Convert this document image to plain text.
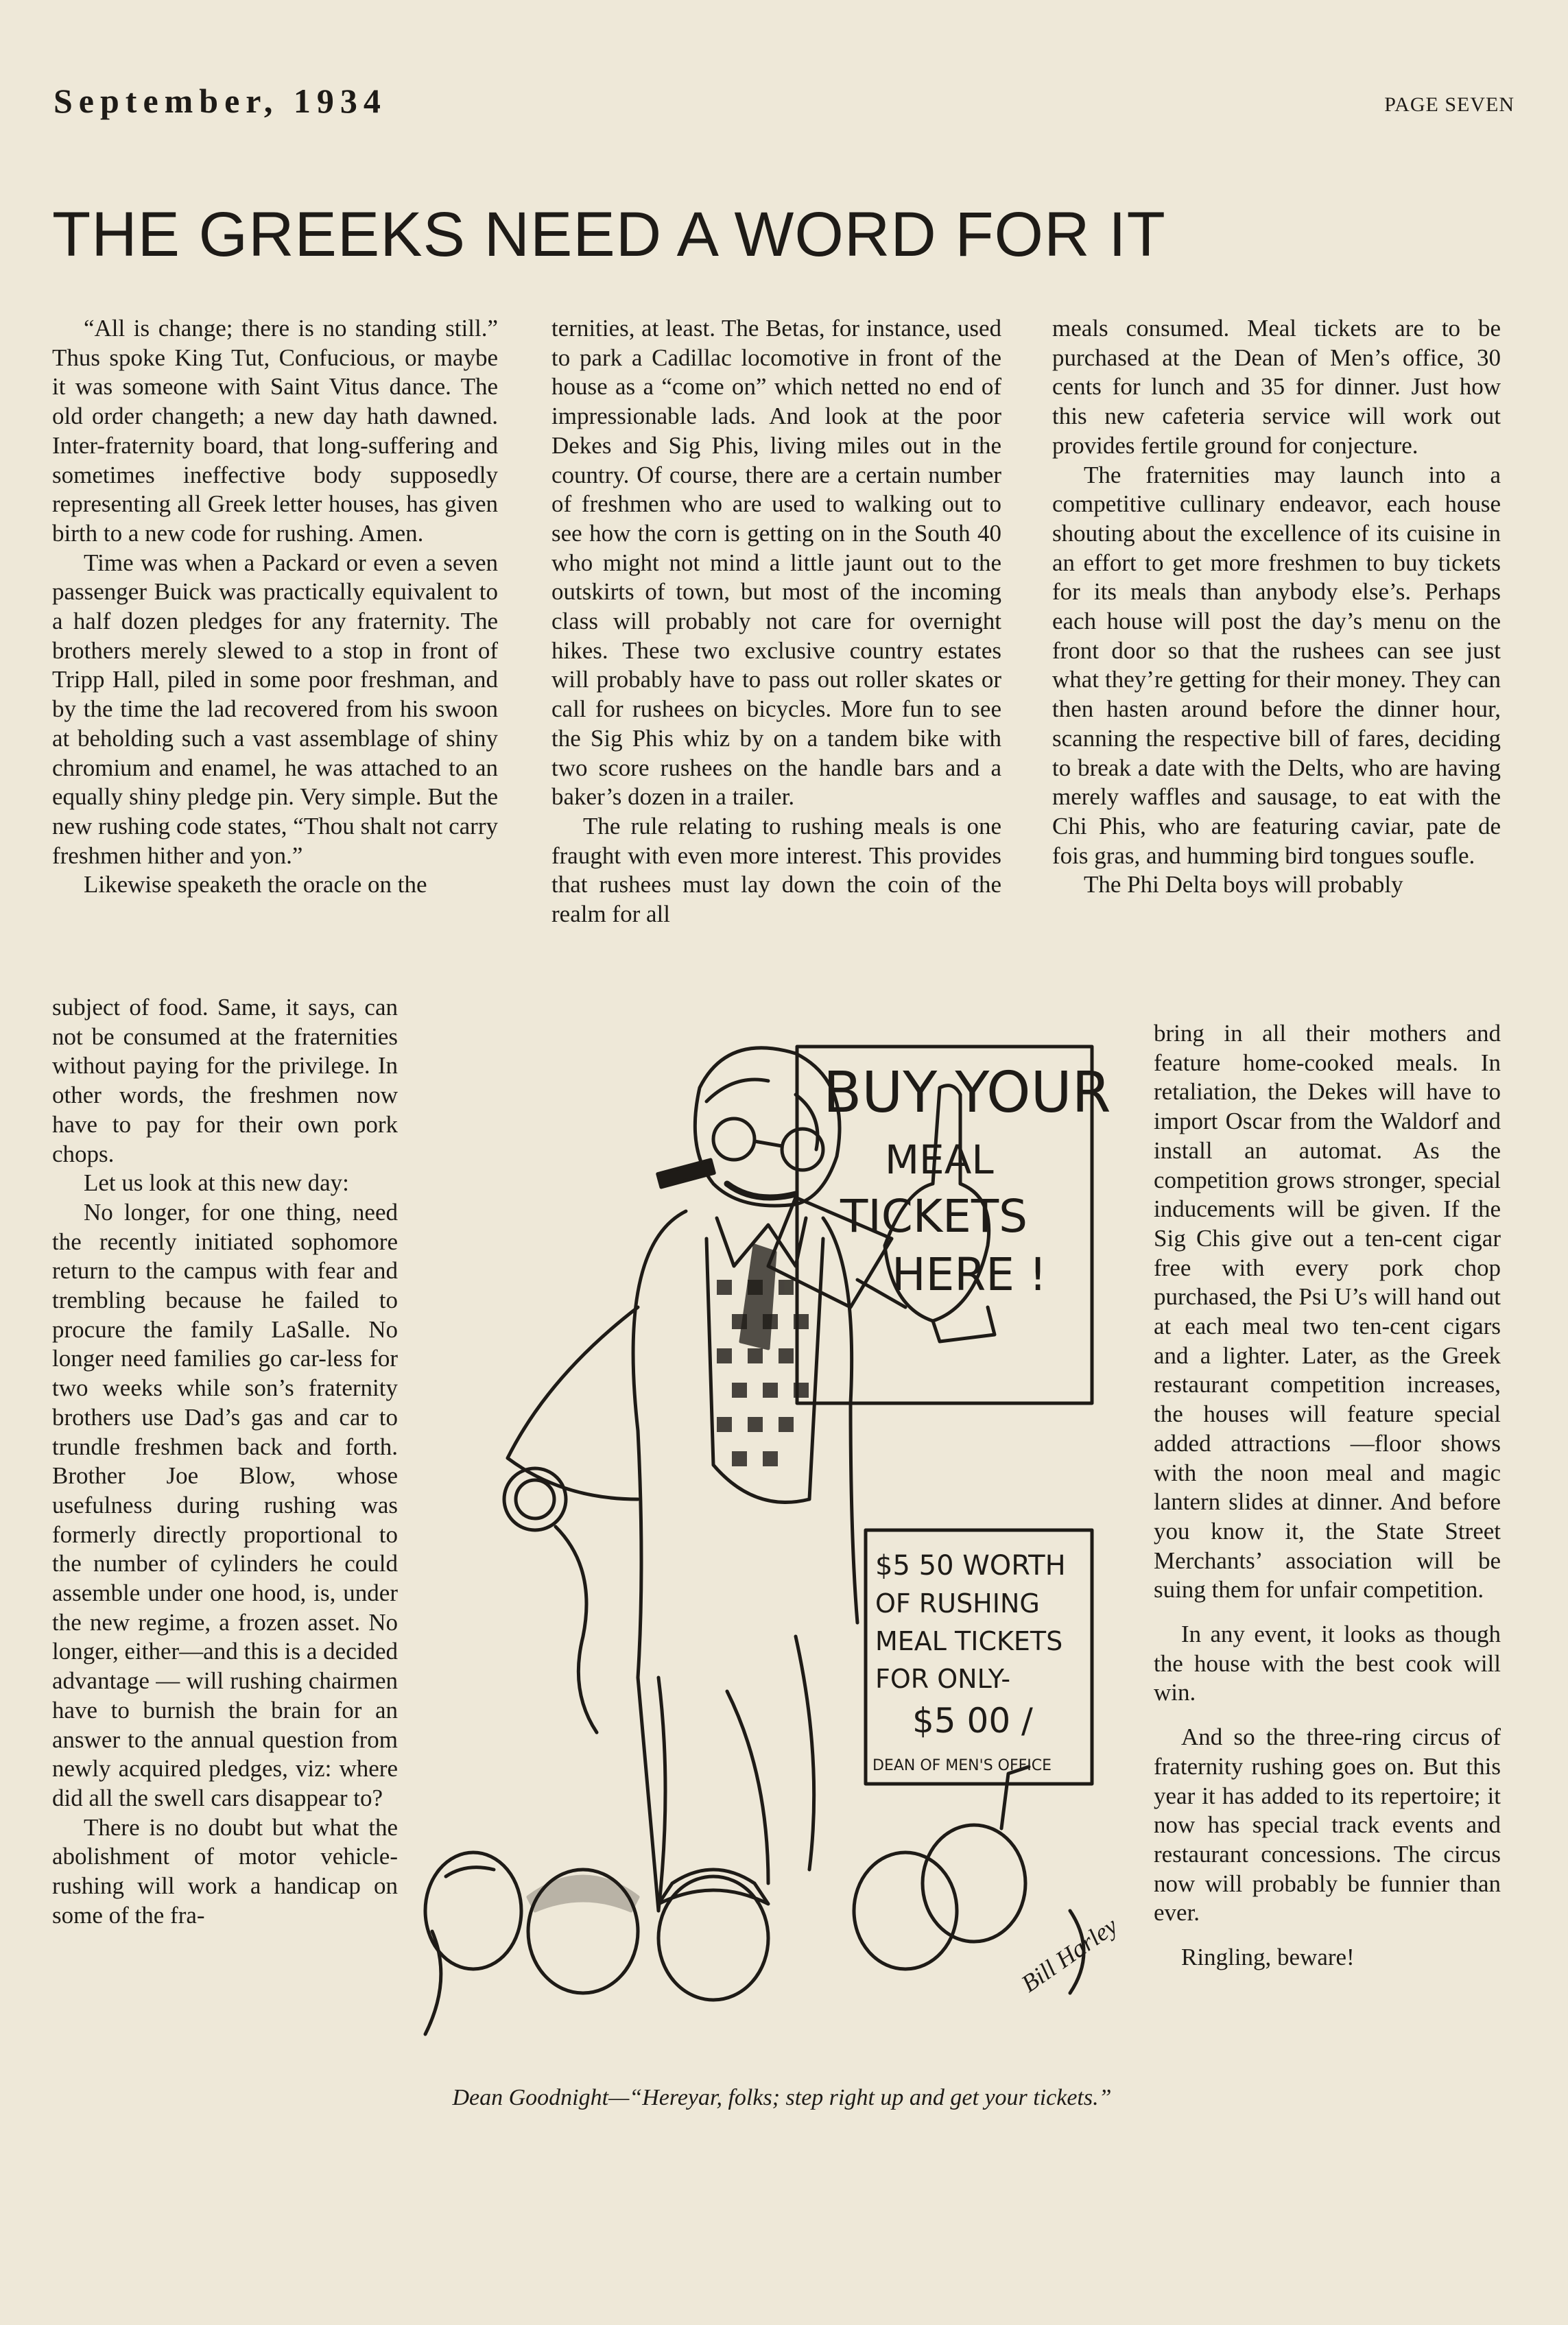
September, 1934	PAGE SEVEN
THE GREEKS NEED A WORD FOR IT

“All is change; there is no standing still.” Thus spoke King Tut, Confucious, or maybe it was someone with Saint Vitus dance. The old order changeth; a new day hath dawned. Inter-fraternity board, that long-suffering and sometimes ineffective body supposedly representing all Greek letter houses, has given birth to a new code for rushing. Amen.

Time was when a Packard or even a seven passenger Buick was practically equivalent to a half dozen pledges for any fraternity. The brothers merely slewed to a stop in front of Tripp Hall, piled in some poor freshman, and by the time the lad recovered from his swoon at beholding such a vast assemblage of shiny chromium and enamel, he was attached to an equally shiny pledge pin. Very simple. But the new rushing code states, “Thou shalt not carry freshmen hither and yon.”

Likewise speaketh the oracle on the

subject of food. Same, it says, can not be consumed at the fraternities without paying for the privilege. In other words, the freshmen now have to pay for their own pork chops.

Let us look at this new day:

No longer, for one thing, need the recently initiated sophomore return to the campus with fear and trembling because he failed to procure the family LaSalle. No longer need families go car-less for two weeks while son’s fraternity brothers use Dad’s gas and car to trundle freshmen back and forth. Brother Joe Blow, whose usefulness during rushing was formerly directly proportional to the number of cylinders he could assemble under one hood, is, under the new regime, a frozen asset. No longer, either—and this is a decided advantage — will rushing chairmen have to burnish the brain for an answer to the annual question from newly acquired pledges, viz: where did all the swell cars disappear to?

There is no doubt but what the abolishment of motor vehicle-rushing will work a handicap on some of the fra-

ternities, at least. The Betas, for instance, used to park a Cadillac locomotive in front of the house as a “come on” which netted no end of impressionable lads. And look at the poor Dekes and Sig Phis, living miles out in the country. Of course, there are a certain number of freshmen who are used to walking out to see how the corn is getting on in the South 40 who might not mind a little jaunt out to the outskirts of town, but most of the incoming class will probably not care for overnight hikes. These two exclusive country estates will probably have to pass out roller skates or call for rushees on bicycles. More fun to see the Sig Phis whiz by on a tandem bike with two score rushees on the handle bars and a baker’s dozen in a trailer.

The rule relating to rushing meals is one fraught with even more interest. This provides that rushees must lay down the coin of the realm for all

meals consumed. Meal tickets are to be purchased at the Dean of Men’s office, 30 cents for lunch and 35 for dinner. Just how this new cafeteria service will work out provides fertile ground for conjecture.

The fraternities may launch into a competitive cullinary endeavor, each house shouting about the excellence of its cuisine in an effort to get more freshmen to buy tickets for its meals than anybody else’s. Perhaps each house will post the day’s menu on the front door so that the rushees can see just what they’re getting for their money. They can then hasten around before the dinner hour, scanning the respective bill of fares, deciding to break a date with the Delts, who are having merely waffles and sausage, to eat with the Chi Phis, who are featuring caviar, pate de fois gras, and humming bird tongues soufle.

The Phi Delta boys will probably

bring in all their mothers and feature home-cooked meals. In retaliation, the Dekes will have to import Oscar from the Waldorf and install an automat. As the competition grows stronger, special inducements will be given. If the Sig Chis give out a ten-cent cigar free with every pork chop purchased, the Psi U’s will hand out at each meal two ten-cent cigars and a lighter. Later, as the Greek restaurant competition increases, the houses will feature special added attractions —floor shows with the noon meal and magic lantern slides at dinner. And before you know it, the State Street Merchants’ association will be suing them for unfair competition.

In any event, it looks as though the house with the best cook will win.

And so the three-ring circus of fraternity rushing goes on. But this year it has added to its repertoire; it now has special track events and restaurant concessions. The circus now will probably be funnier than ever.

Ringling, beware!

BUY YOUR
MEAL
TICKETS
HERE !
$5 50 WORTH
OF RUSHING
MEAL TICKETS
FOR ONLY-
$5 00 /
DEAN OF MEN'S OFFICE
Bill Harley
Dean Goodnight—“Hereyar, folks; step right up and get your tickets.”
